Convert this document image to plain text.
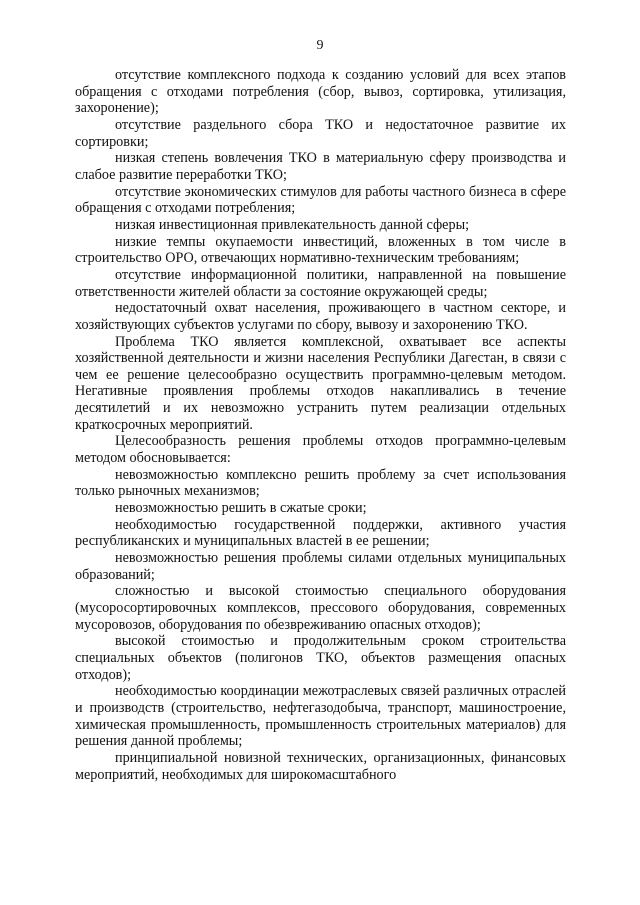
9

отсутствие комплексного подхода к созданию условий для всех этапов обращения с отходами потребления (сбор, вывоз, сортировка, утилизация, захоронение);

отсутствие раздельного сбора ТКО и недостаточное развитие их сортировки;

низкая степень вовлечения ТКО в материальную сферу производства и слабое развитие переработки ТКО;

отсутствие экономических стимулов для работы частного бизнеса в сфере обращения с отходами потребления;

низкая инвестиционная привлекательность данной сферы;

низкие темпы окупаемости инвестиций, вложенных в том числе в строительство ОРО, отвечающих нормативно-техническим требованиям;

отсутствие информационной политики, направленной на повышение ответственности жителей области за состояние окружающей среды;

недостаточный охват населения, проживающего в частном секторе, и хозяйствующих субъектов услугами по сбору, вывозу и захоронению ТКО.

Проблема ТКО является комплексной, охватывает все аспекты хозяйственной деятельности и жизни населения Республики Дагестан, в связи с чем ее решение целесообразно осуществить программно-целевым методом. Негативные проявления проблемы отходов накапливались в течение десятилетий и их невозможно устранить путем реализации отдельных краткосрочных мероприятий.

Целесообразность решения проблемы отходов программно-целевым методом обосновывается:

невозможностью комплексно решить проблему за счет использования только рыночных механизмов;

невозможностью решить в сжатые сроки;

необходимостью государственной поддержки, активного участия республиканских и муниципальных властей в ее решении;

невозможностью решения проблемы силами отдельных муниципальных образований;

сложностью и высокой стоимостью специального оборудования (мусоросортировочных комплексов, прессового оборудования, современных мусоровозов, оборудования по обезвреживанию опасных отходов);

высокой стоимостью и продолжительным сроком строительства специальных объектов (полигонов ТКО, объектов размещения опасных отходов);

необходимостью координации межотраслевых связей различных отраслей и производств (строительство, нефтегазодобыча, транспорт, машиностроение, химическая промышленность, промышленность строительных материалов) для решения данной проблемы;

принципиальной новизной технических, организационных, финансовых мероприятий, необходимых для широкомасштабного
